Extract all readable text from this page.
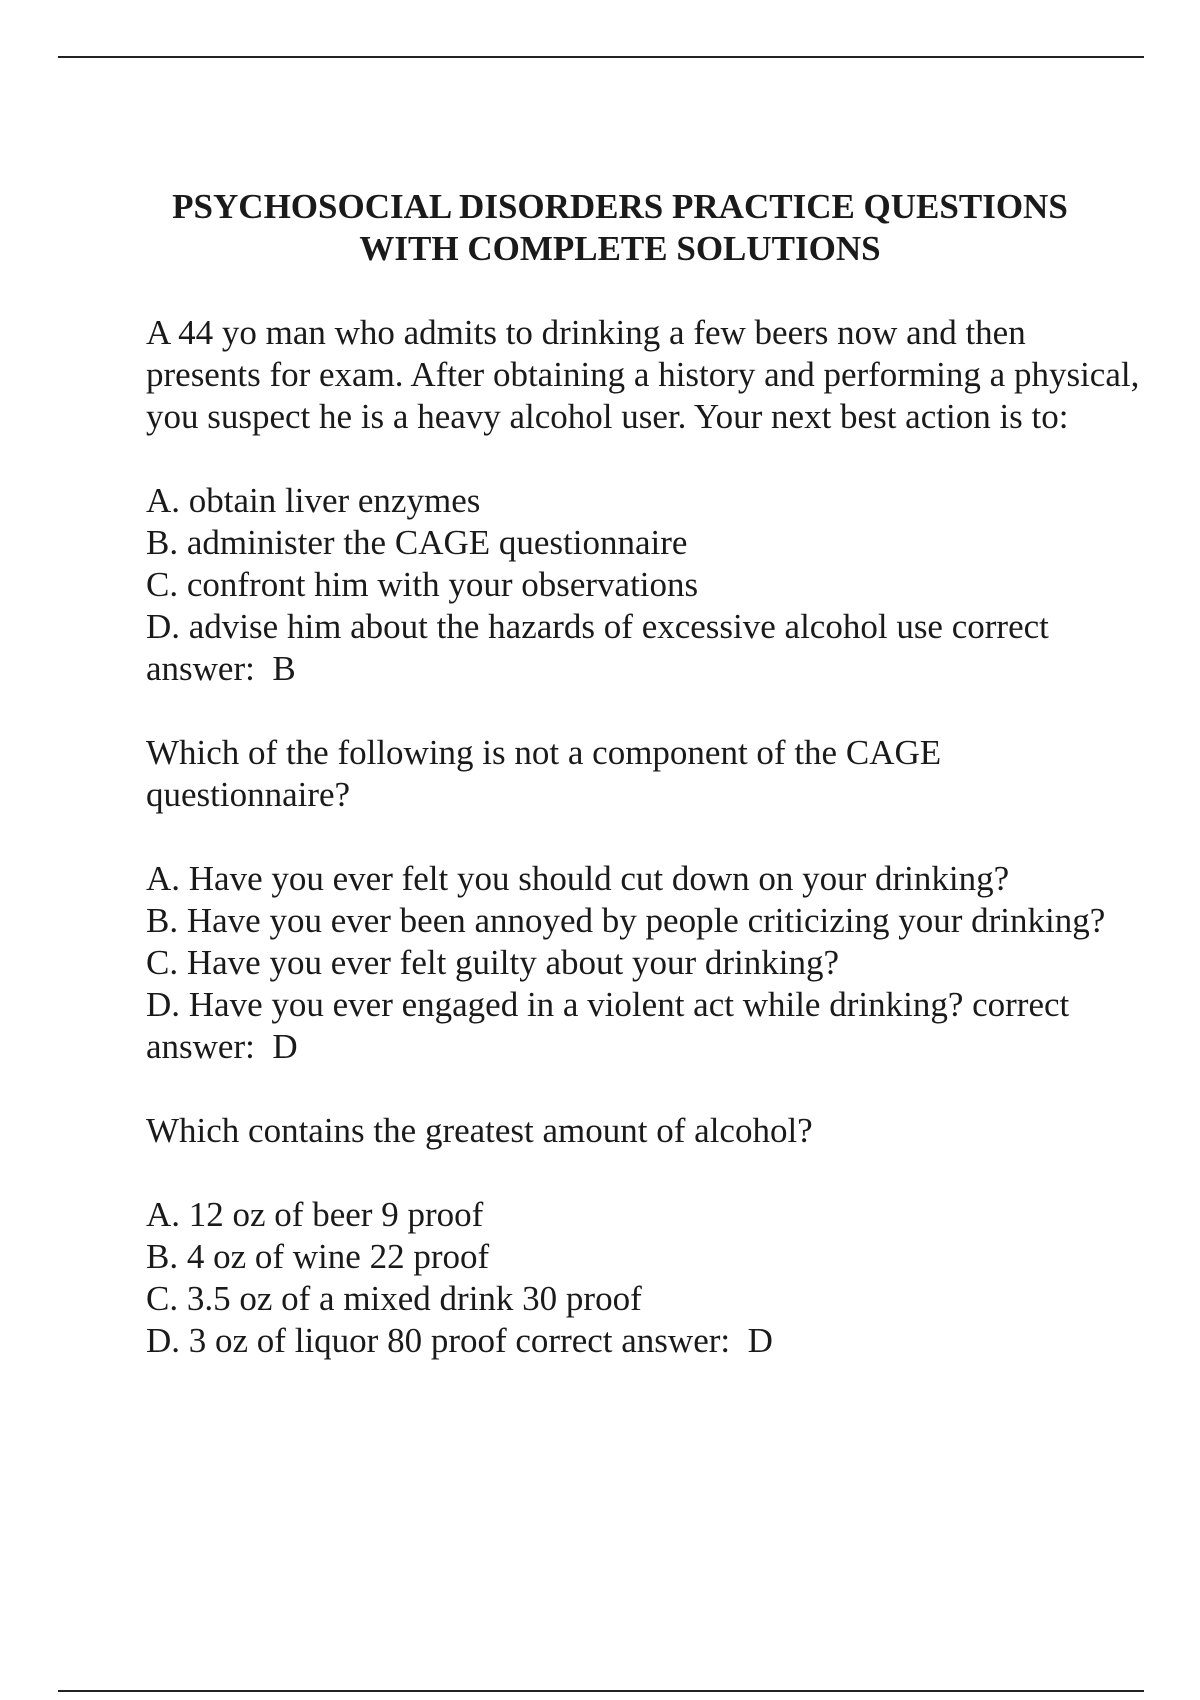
PSYCHOSOCIAL DISORDERS PRACTICE QUESTIONS
WITH COMPLETE SOLUTIONS

A 44 yo man who admits to drinking a few beers now and then presents for exam. After obtaining a history and performing a physical, you suspect he is a heavy alcohol user. Your next best action is to:

A. obtain liver enzymes

B. administer the CAGE questionnaire

C. confront him with your observations

D. advise him about the hazards of excessive alcohol use correct answer:  B

Which of the following is not a component of the CAGE questionnaire?

A. Have you ever felt you should cut down on your drinking?

B. Have you ever been annoyed by people criticizing your drinking?

C. Have you ever felt guilty about your drinking?

D. Have you ever engaged in a violent act while drinking? correct answer:  D

Which contains the greatest amount of alcohol?

A. 12 oz of beer 9 proof

B. 4 oz of wine 22 proof

C. 3.5 oz of a mixed drink 30 proof

D. 3 oz of liquor 80 proof correct answer:  D
